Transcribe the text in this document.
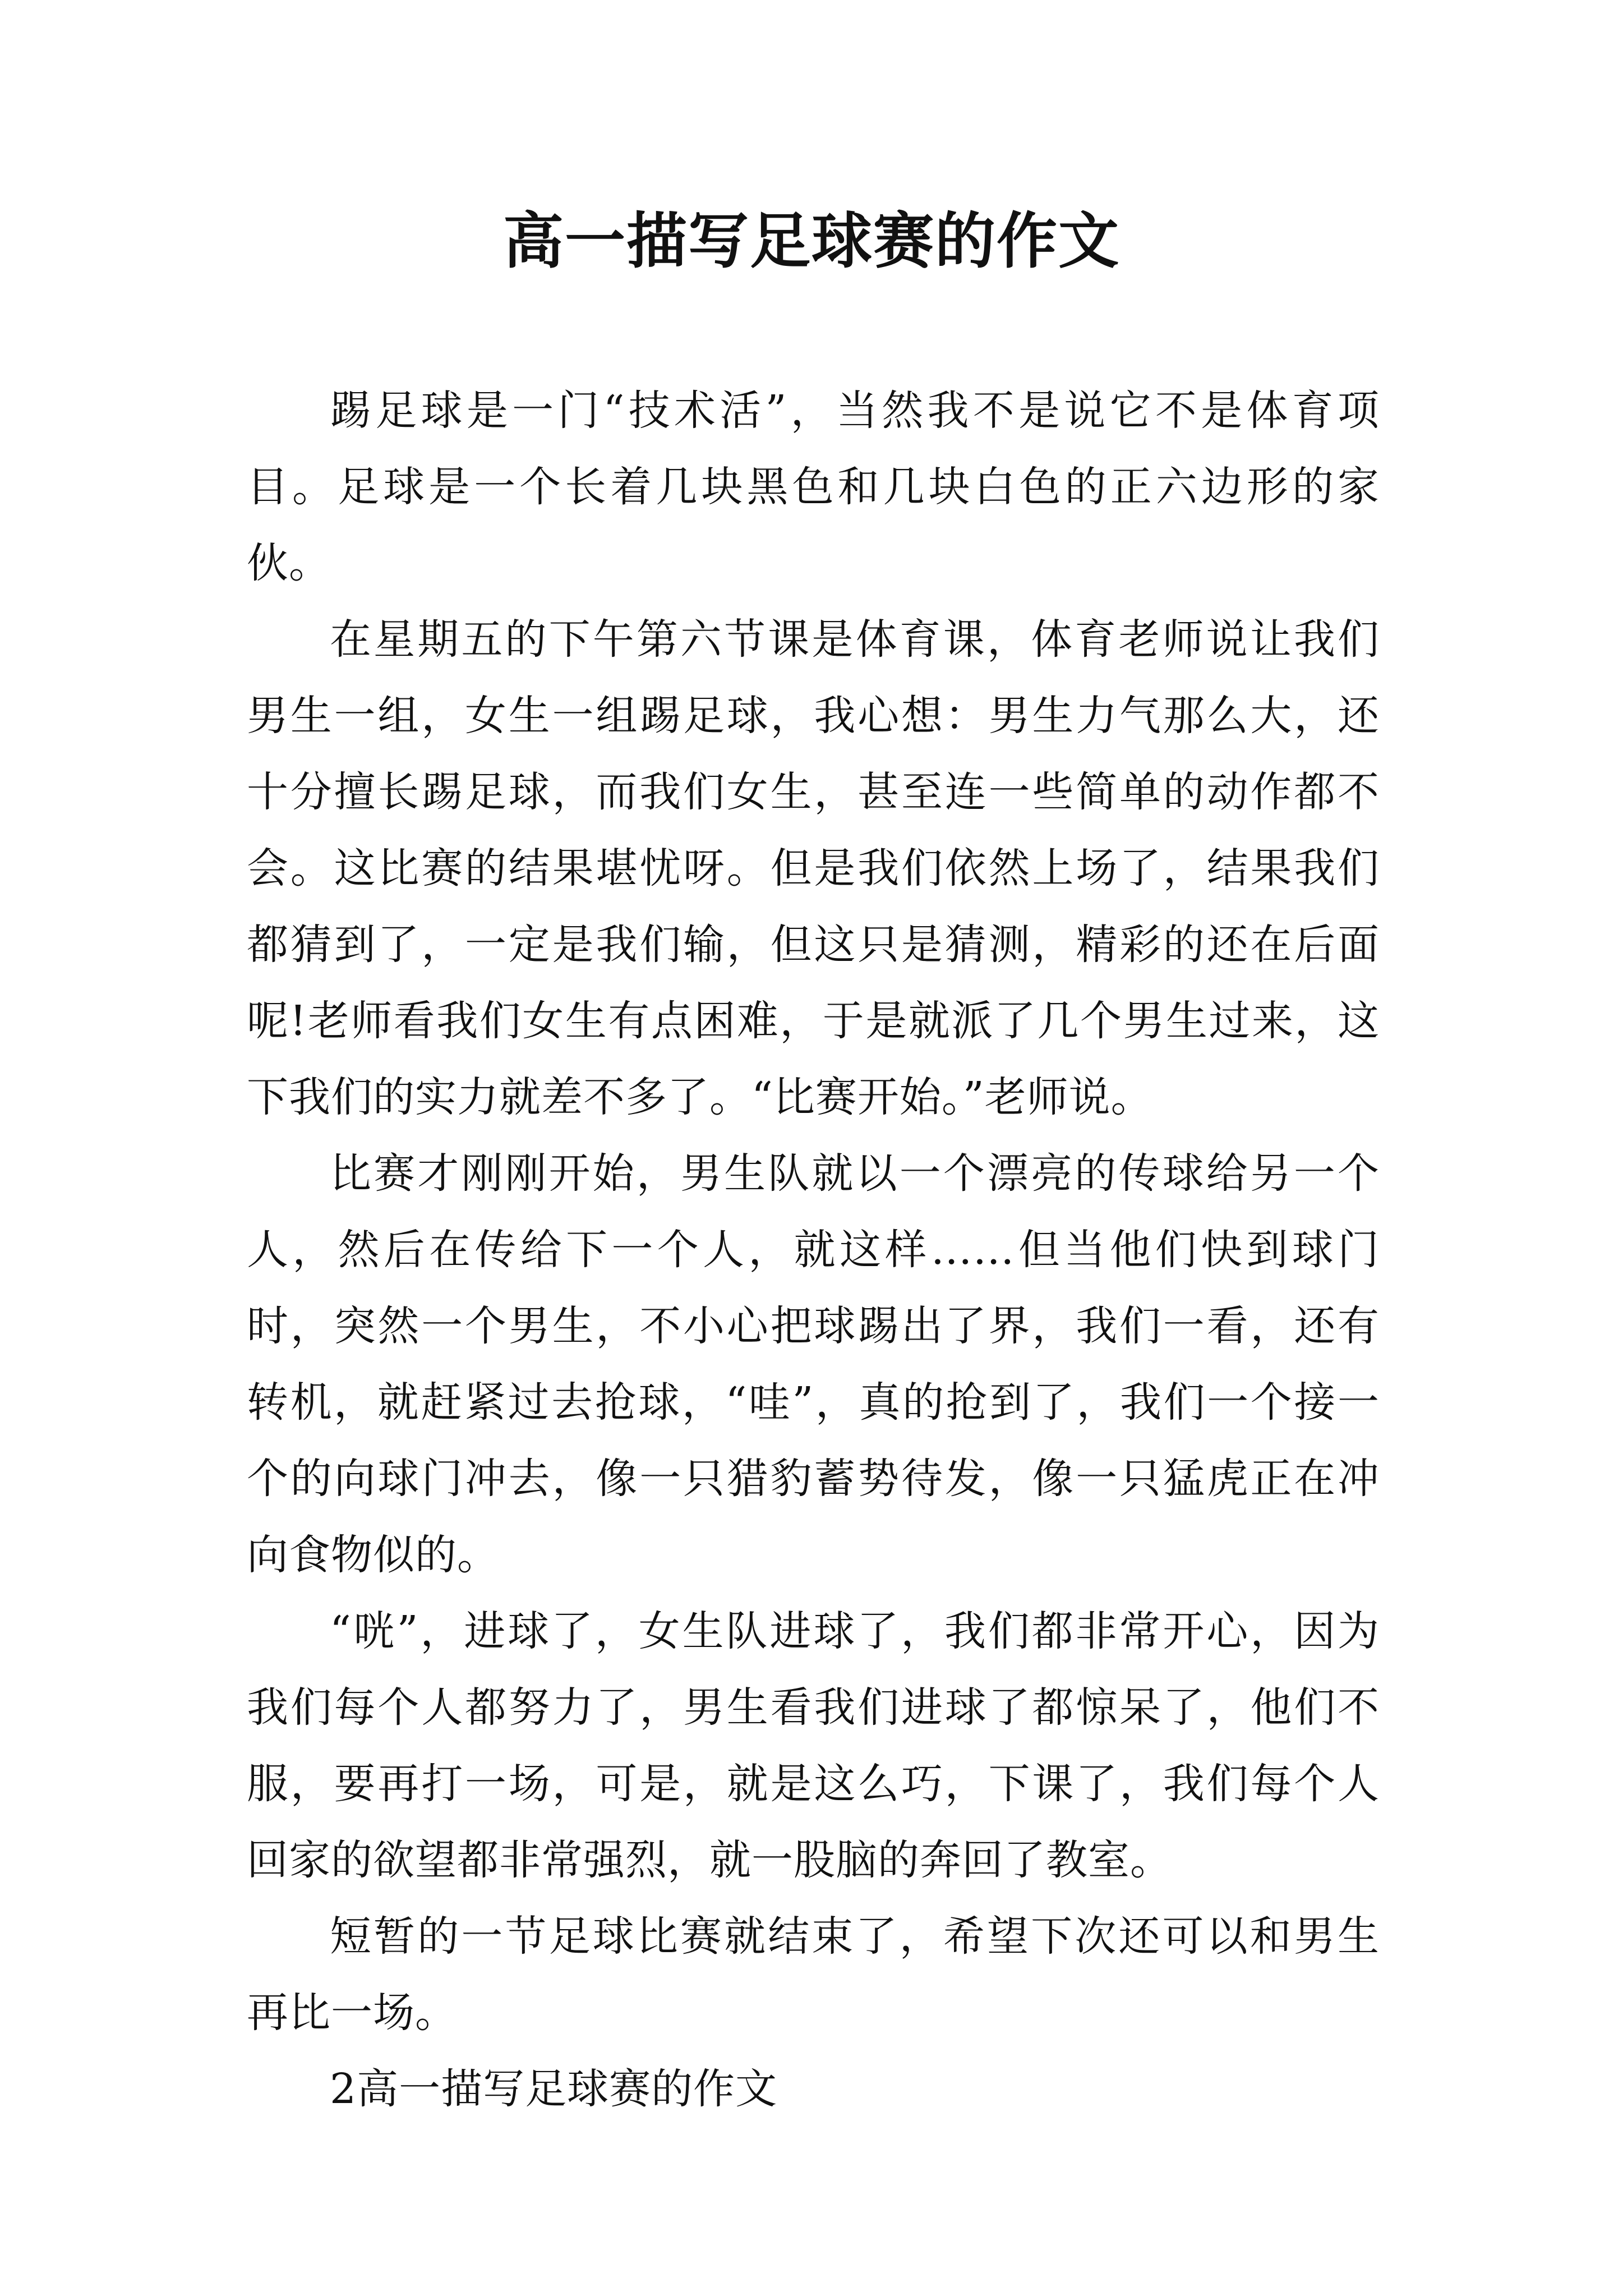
高一描写足球赛的作文

踢足球是一门“技术活”，当然我不是说它不是体育项目。足球是一个长着几块黑色和几块白色的正六边形的家伙。

在星期五的下午第六节课是体育课，体育老师说让我们男生一组，女生一组踢足球，我心想：男生力气那么大，还十分擅长踢足球，而我们女生，甚至连一些简单的动作都不会。这比赛的结果堪忧呀。但是我们依然上场了，结果我们都猜到了，一定是我们输，但这只是猜测，精彩的还在后面呢!老师看我们女生有点困难，于是就派了几个男生过来，这下我们的实力就差不多了。“比赛开始。”老师说。

比赛才刚刚开始，男生队就以一个漂亮的传球给另一个人，然后在传给下一个人，就这样……但当他们快到球门时，突然一个男生，不小心把球踢出了界，我们一看，还有转机，就赶紧过去抢球，“哇”，真的抢到了，我们一个接一个的向球门冲去，像一只猎豹蓄势待发，像一只猛虎正在冲向食物似的。

“咣”，进球了，女生队进球了，我们都非常开心，因为我们每个人都努力了，男生看我们进球了都惊呆了，他们不服，要再打一场，可是，就是这么巧，下课了，我们每个人回家的欲望都非常强烈，就一股脑的奔回了教室。

短暂的一节足球比赛就结束了，希望下次还可以和男生再比一场。

2高一描写足球赛的作文
